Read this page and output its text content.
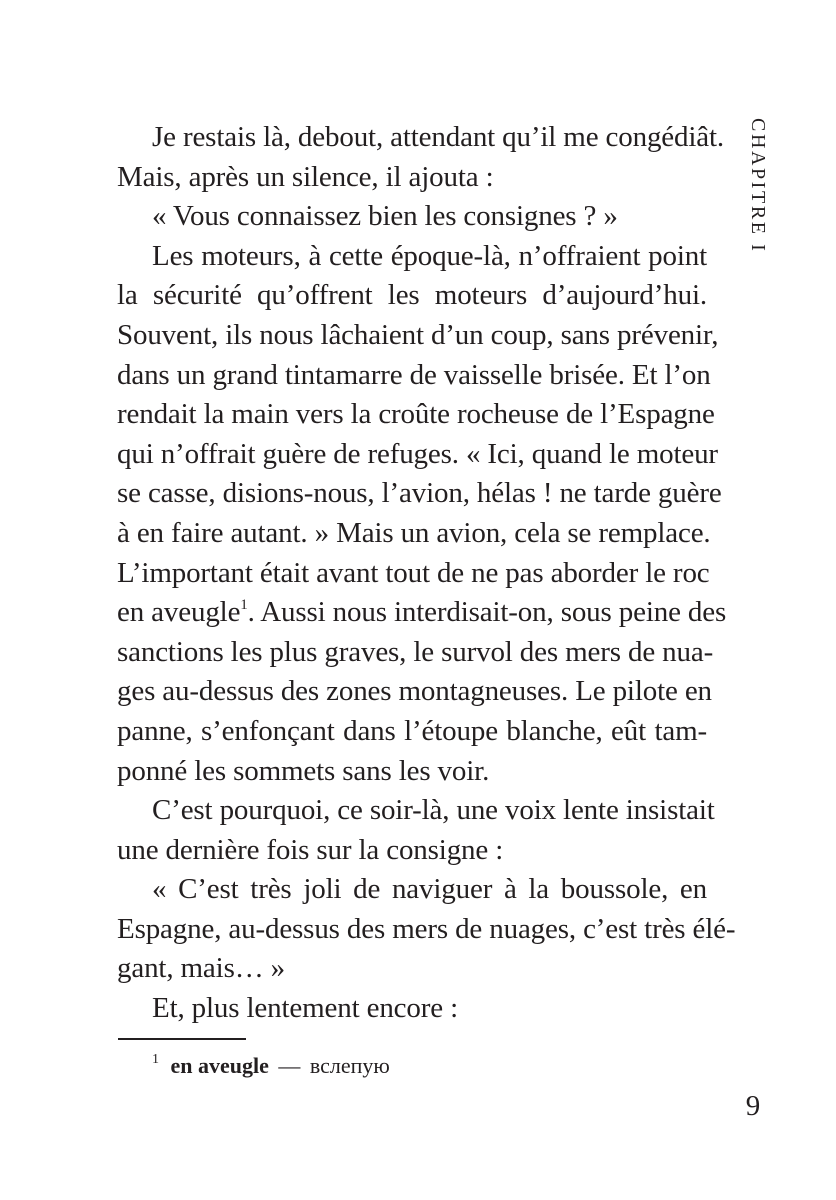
Je restais là, debout, attendant qu’il me congédiât.

Mais, après un silence, il ajouta :

« Vous connaissez bien les consignes ? »

Les moteurs, à cette époque-là, n’offraient point

la sécurité qu’offrent les moteurs d’aujourd’hui.

Souvent, ils nous lâchaient d’un coup, sans prévenir,

dans un grand tintamarre de vaisselle brisée. Et l’on

rendait la main vers la croûte rocheuse de l’Espagne

qui n’offrait guère de refuges. « Ici, quand le moteur

se casse, disions-nous, l’avion, hélas ! ne tarde guère

à en faire autant. » Mais un avion, cela se remplace.

L’important était avant tout de ne pas aborder le roc

en aveugle$^1$. Aussi nous interdisait-on, sous peine des

sanctions les plus graves, le survol des mers de nua-

ges au-dessus des zones montagneuses. Le pilote en

panne, s’enfonçant dans l’étoupe blanche, eût tam-

ponné les sommets sans les voir.

C’est pourquoi, ce soir-là, une voix lente insistait

une dernière fois sur la consigne :

« C’est très joli de naviguer à la boussole, en

Espagne, au-dessus des mers de nuages, c’est très élé-

gant, mais… »

Et, plus lentement encore :

CHAPITRE I
$^1$ en aveugle — вслепую
9
